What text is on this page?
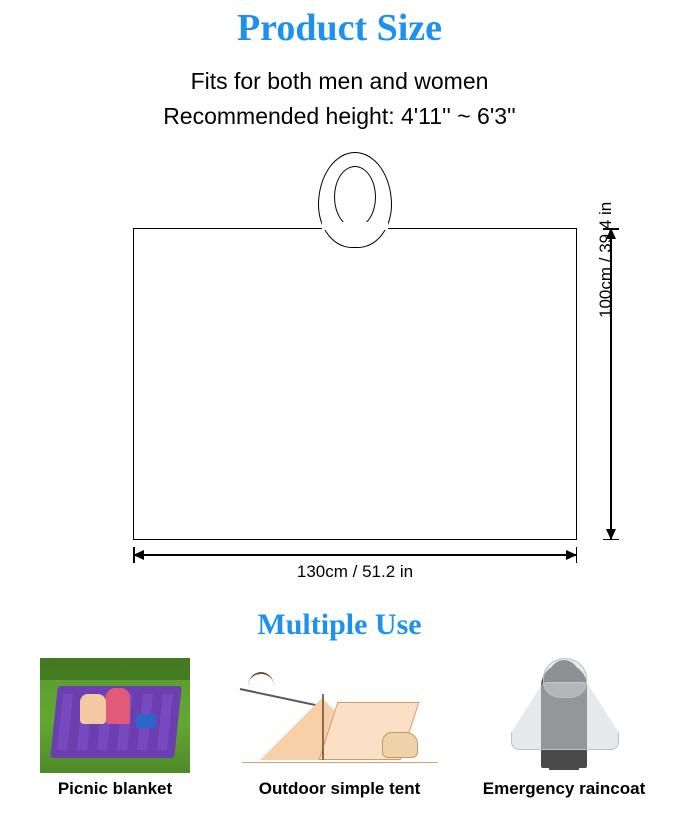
Product Size
Fits for both men and women
Recommended height: 4'11'' ~ 6'3''
100cm / 39.4 in
130cm / 51.2 in
Multiple Use
Picnic blanket	Outdoor simple tent	Emergency raincoat
